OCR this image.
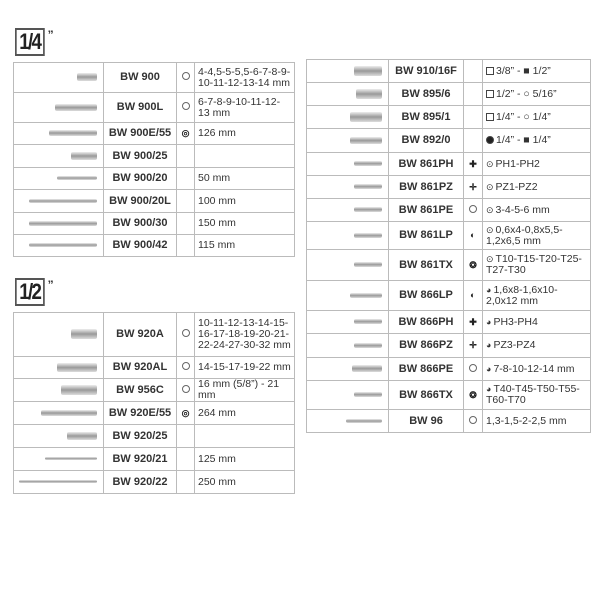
1/4 ”
	BW 900		4-4,5-5-5,5-6-7-8-9-10-11-12-13-14 mm
	BW 900L		6-7-8-9-10-11-12-13 mm
	BW 900E/55	◎	126 mm
	BW 900/25		
	BW 900/20		50 mm
	BW 900/20L		100 mm
	BW 900/30		150 mm
	BW 900/42		115 mm
1/2 ”
	BW 920A		10-11-12-13-14-15-16-17-18-19-20-21-22-24-27-30-32 mm
	BW 920AL		14-15-17-19-22 mm
	BW 956C		16 mm (5/8”) - 21 mm
	BW 920E/55	◎	264 mm
	BW 920/25		
	BW 920/21		125 mm
	BW 920/22		250 mm
	BW 910/16F		3/8” - ■ 1/2”
	BW 895/6		1/2” - ○ 5/16”
	BW 895/1		1/4” - ○ 1/4”
	BW 892/0		1/4” - ■ 1/4”
	BW 861PH	✚	⊙ PH1-PH2
	BW 861PZ	✛	⊙ PZ1-PZ2
	BW 861PE		⊙ 3-4-5-6 mm
	BW 861LP	◐	⊙ 0,6x4-0,8x5,5-1,2x6,5 mm
	BW 861TX	❂	⊙ T10-T15-T20-T25-T27-T30
	BW 866LP	◐	◕ 1,6x8-1,6x10-2,0x12 mm
	BW 866PH	✚	◕ PH3-PH4
	BW 866PZ	✛	◕ PZ3-PZ4
	BW 866PE		◕ 7-8-10-12-14 mm
	BW 866TX	❂	◕ T40-T45-T50-T55-T60-T70
	BW 96		1,3-1,5-2-2,5 mm
